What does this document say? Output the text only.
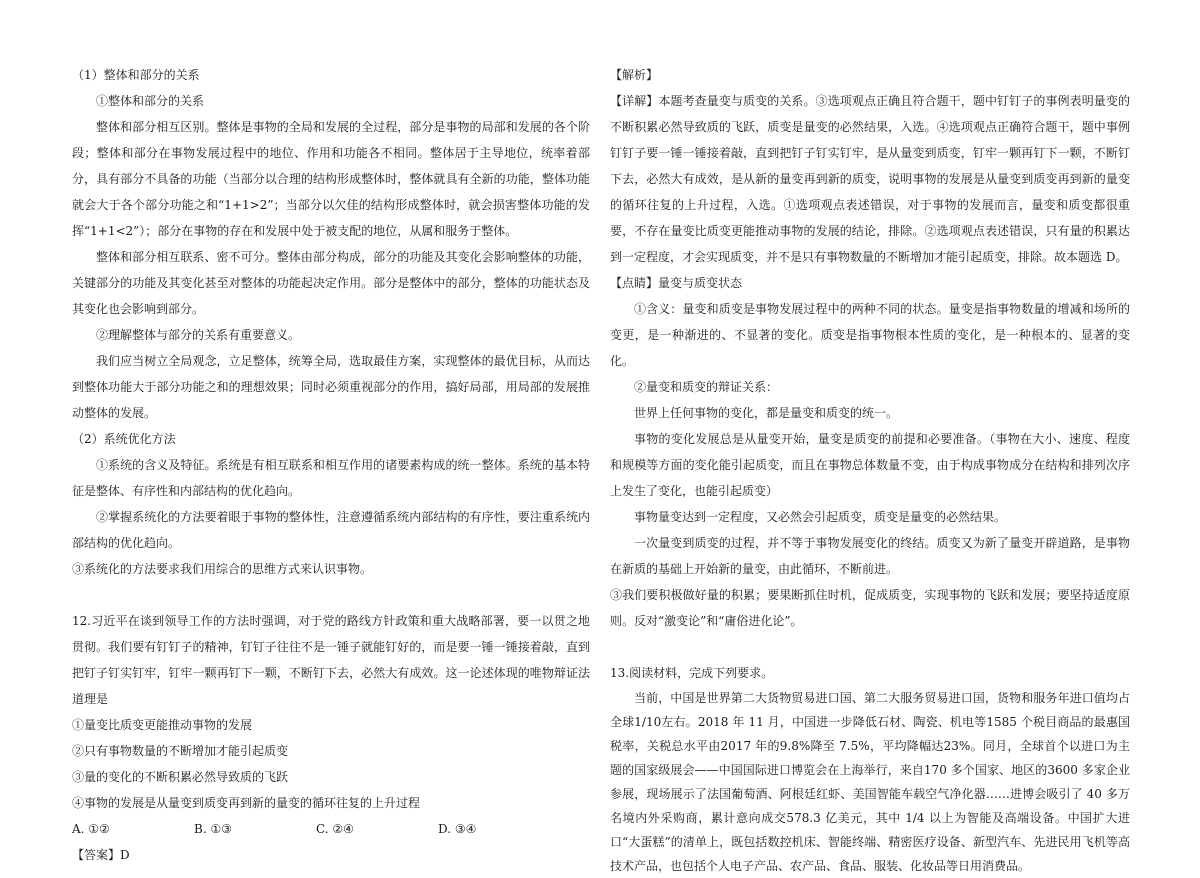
（1）整体和部分的关系

①整体和部分的关系

整体和部分相互区别。整体是事物的全局和发展的全过程，部分是事物的局部和发展的各个阶段；整体和部分在事物发展过程中的地位、作用和功能各不相同。整体居于主导地位，统率着部分，具有部分不具备的功能（当部分以合理的结构形成整体时，整体就具有全新的功能，整体功能就会大于各个部分功能之和“1+1>2”；当部分以欠佳的结构形成整体时，就会损害整体功能的发挥“1+1<2”）；部分在事物的存在和发展中处于被支配的地位，从属和服务于整体。

整体和部分相互联系、密不可分。整体由部分构成，部分的功能及其变化会影响整体的功能，关键部分的功能及其变化甚至对整体的功能起决定作用。部分是整体中的部分，整体的功能状态及其变化也会影响到部分。

②理解整体与部分的关系有重要意义。

我们应当树立全局观念，立足整体，统筹全局，选取最佳方案，实现整体的最优目标，从而达到整体功能大于部分功能之和的理想效果；同时必须重视部分的作用，搞好局部，用局部的发展推动整体的发展。

（2）系统优化方法

①系统的含义及特征。系统是有相互联系和相互作用的诸要素构成的统一整体。系统的基本特征是整体、有序性和内部结构的优化趋向。

②掌握系统化的方法要着眼于事物的整体性，注意遵循系统内部结构的有序性，要注重系统内部结构的优化趋向。

③系统化的方法要求我们用综合的思维方式来认识事物。

12.习近平在谈到领导工作的方法时强调，对于党的路线方针政策和重大战略部署，要一以贯之地贯彻。我们要有钉钉子的精神，钉钉子往往不是一锤子就能钉好的，而是要一锤一锤接着敲，直到把钉子钉实钉牢，钉牢一颗再钉下一颗，不断钉下去，必然大有成效。这一论述体现的唯物辩证法道理是

①量变比质变更能推动事物的发展

②只有事物数量的不断增加才能引起质变

③量的变化的不断积累必然导致质的飞跃

④事物的发展是从量变到质变再到新的量变的循环往复的上升过程

A. ①②	B. ①③	C. ②④	D. ③④

【答案】D

【解析】

【详解】本题考查量变与质变的关系。③选项观点正确且符合题干，题中钉钉子的事例表明量变的不断积累必然导致质的飞跃，质变是量变的必然结果，入选。④选项观点正确符合题干，题中事例钉钉子要一锤一锤接着敲，直到把钉子钉实钉牢，是从量变到质变，钉牢一颗再钉下一颗，不断钉下去，必然大有成效，是从新的量变再到新的质变，说明事物的发展是从量变到质变再到新的量变的循环往复的上升过程，入选。①选项观点表述错误，对于事物的发展而言，量变和质变都很重要，不存在量变比质变更能推动事物的发展的结论，排除。②选项观点表述错误，只有量的积累达到一定程度，才会实现质变，并不是只有事物数量的不断增加才能引起质变，排除。故本题选 D。

【点睛】量变与质变状态

①含义：量变和质变是事物发展过程中的两种不同的状态。量变是指事物数量的增减和场所的变更，是一种渐进的、不显著的变化。质变是指事物根本性质的变化，是一种根本的、显著的变化。

②量变和质变的辩证关系：

世界上任何事物的变化，都是量变和质变的统一。

事物的变化发展总是从量变开始，量变是质变的前提和必要准备。（事物在大小、速度、程度和规模等方面的变化能引起质变，而且在事物总体数量不变，由于构成事物成分在结构和排列次序上发生了变化，也能引起质变）

事物量变达到一定程度，又必然会引起质变，质变是量变的必然结果。

一次量变到质变的过程，并不等于事物发展变化的终结。质变又为新了量变开辟道路，是事物在新质的基础上开始新的量变，由此循环，不断前进。

③我们要积极做好量的积累；要果断抓住时机，促成质变，实现事物的飞跃和发展；要坚持适度原则。反对“激变论”和“庸俗进化论”。

13.阅读材料，完成下列要求。

当前，中国是世界第二大货物贸易进口国、第二大服务贸易进口国，货物和服务年进口值均占全球1/10左右。2018 年 11 月，中国进一步降低石材、陶瓷、机电等1585 个税目商品的最惠国税率，关税总水平由2017 年的9.8%降至 7.5%，平均降幅达23%。同月，全球首个以进口为主题的国家级展会——中国国际进口博览会在上海举行，来自170 多个国家、地区的3600 多家企业参展，现场展示了法国葡萄酒、阿根廷红虾、美国智能车载空气净化器……进博会吸引了 40 多万名境内外采购商，累计意向成交578.3 亿美元，其中 1/4 以上为智能及高端设备。中国扩大进口“大蛋糕”的清单上，既包括数控机床、智能终端、精密医疗设备、新型汽车、先进民用飞机等高技术产品，也包括个人电子产品、农产品、食品、服装、化妆品等日用消费品。
